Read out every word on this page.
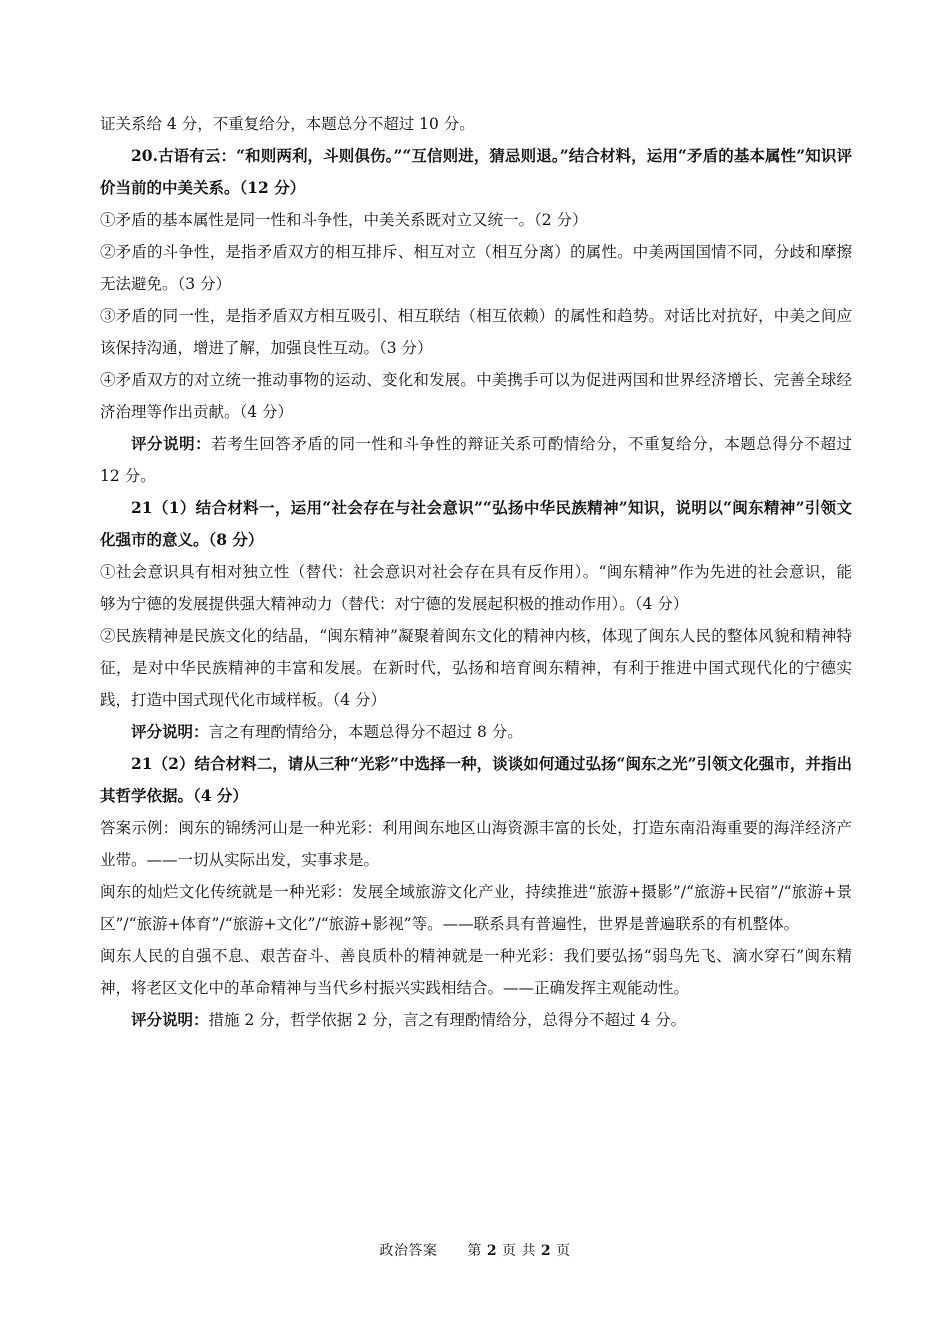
证关系给 4 分，不重复给分，本题总分不超过 10 分。

20.古语有云：“和则两利，斗则俱伤。”“互信则进，猜忌则退。”结合材料，运用“矛盾的基本属性”知识评价当前的中美关系。（12 分）

①矛盾的基本属性是同一性和斗争性，中美关系既对立又统一。（2 分）

②矛盾的斗争性，是指矛盾双方的相互排斥、相互对立（相互分离）的属性。中美两国国情不同，分歧和摩擦无法避免。（3 分）

③矛盾的同一性，是指矛盾双方相互吸引、相互联结（相互依赖）的属性和趋势。对话比对抗好，中美之间应该保持沟通，增进了解，加强良性互动。（3 分）

④矛盾双方的对立统一推动事物的运动、变化和发展。中美携手可以为促进两国和世界经济增长、完善全球经济治理等作出贡献。（4 分）

评分说明：若考生回答矛盾的同一性和斗争性的辩证关系可酌情给分，不重复给分，本题总得分不超过 12 分。

21（1）结合材料一，运用“社会存在与社会意识”“弘扬中华民族精神”知识，说明以“闽东精神”引领文化强市的意义。（8 分）

①社会意识具有相对独立性（替代：社会意识对社会存在具有反作用）。“闽东精神”作为先进的社会意识，能够为宁德的发展提供强大精神动力（替代：对宁德的发展起积极的推动作用）。（4 分）

②民族精神是民族文化的结晶，“闽东精神”凝聚着闽东文化的精神内核，体现了闽东人民的整体风貌和精神特征，是对中华民族精神的丰富和发展。在新时代，弘扬和培育闽东精神，有利于推进中国式现代化的宁德实践，打造中国式现代化市域样板。（4 分）

评分说明：言之有理酌情给分，本题总得分不超过 8 分。

21（2）结合材料二，请从三种“光彩”中选择一种，谈谈如何通过弘扬“闽东之光”引领文化强市，并指出其哲学依据。（4 分）

答案示例：闽东的锦绣河山是一种光彩：利用闽东地区山海资源丰富的长处，打造东南沿海重要的海洋经济产业带。——一切从实际出发，实事求是。

闽东的灿烂文化传统就是一种光彩：发展全域旅游文化产业，持续推进“旅游+摄影”/“旅游+民宿”/“旅游+景区”/“旅游+体育”/“旅游+文化”/“旅游+影视”等。——联系具有普遍性，世界是普遍联系的有机整体。

闽东人民的自强不息、艰苦奋斗、善良质朴的精神就是一种光彩：我们要弘扬“弱鸟先飞、滴水穿石”闽东精神，将老区文化中的革命精神与当代乡村振兴实践相结合。——正确发挥主观能动性。

评分说明：措施 2 分，哲学依据 2 分，言之有理酌情给分，总得分不超过 4 分。

政治答案 第 2 页 共 2 页
